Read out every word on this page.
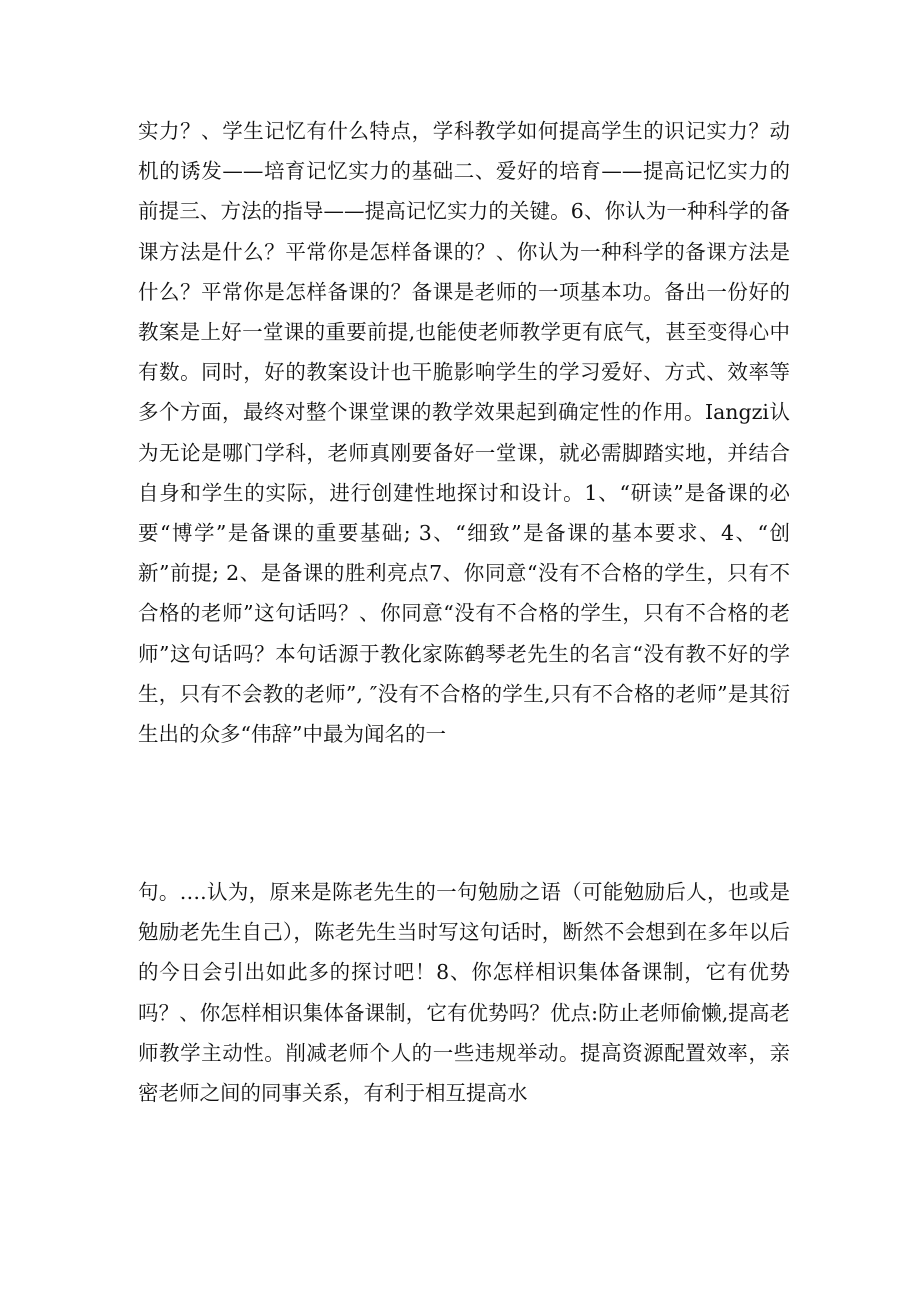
实力？、学生记忆有什么特点，学科教学如何提高学生的识记实力？动机的诱发——培育记忆实力的基础二、爱好的培育——提高记忆实力的前提三、方法的指导——提高记忆实力的关键。6、你认为一种科学的备课方法是什么？平常你是怎样备课的？、你认为一种科学的备课方法是什么？平常你是怎样备课的？备课是老师的一项基本功。备出一份好的教案是上好一堂课的重要前提,也能使老师教学更有底气，甚至变得心中有数。同时，好的教案设计也干脆影响学生的学习爱好、方式、效率等多个方面，最终对整个课堂课的教学效果起到确定性的作用。Iangzi认为无论是哪门学科，老师真刚要备好一堂课，就必需脚踏实地，并结合自身和学生的实际，进行创建性地探讨和设计。1、“研读”是备课的必要“博学”是备课的重要基础; 3、“细致”是备课的基本要求、4、“创新”前提; 2、是备课的胜利亮点7、你同意“没有不合格的学生，只有不合格的老师”这句话吗？、你同意“没有不合格的学生，只有不合格的老师”这句话吗？本句话源于教化家陈鹤琴老先生的名言“没有教不好的学生，只有不会教的老师”, ″没有不合格的学生,只有不合格的老师”是其衍生出的众多“伟辞”中最为闻名的一

句。….认为，原来是陈老先生的一句勉励之语（可能勉励后人，也或是勉励老先生自己），陈老先生当时写这句话时，断然不会想到在多年以后的今日会引出如此多的探讨吧！8、你怎样相识集体备课制，它有优势吗？、你怎样相识集体备课制，它有优势吗？优点:防止老师偷懒,提高老师教学主动性。削减老师个人的一些违规举动。提高资源配置效率，亲密老师之间的同事关系，有利于相互提高水
